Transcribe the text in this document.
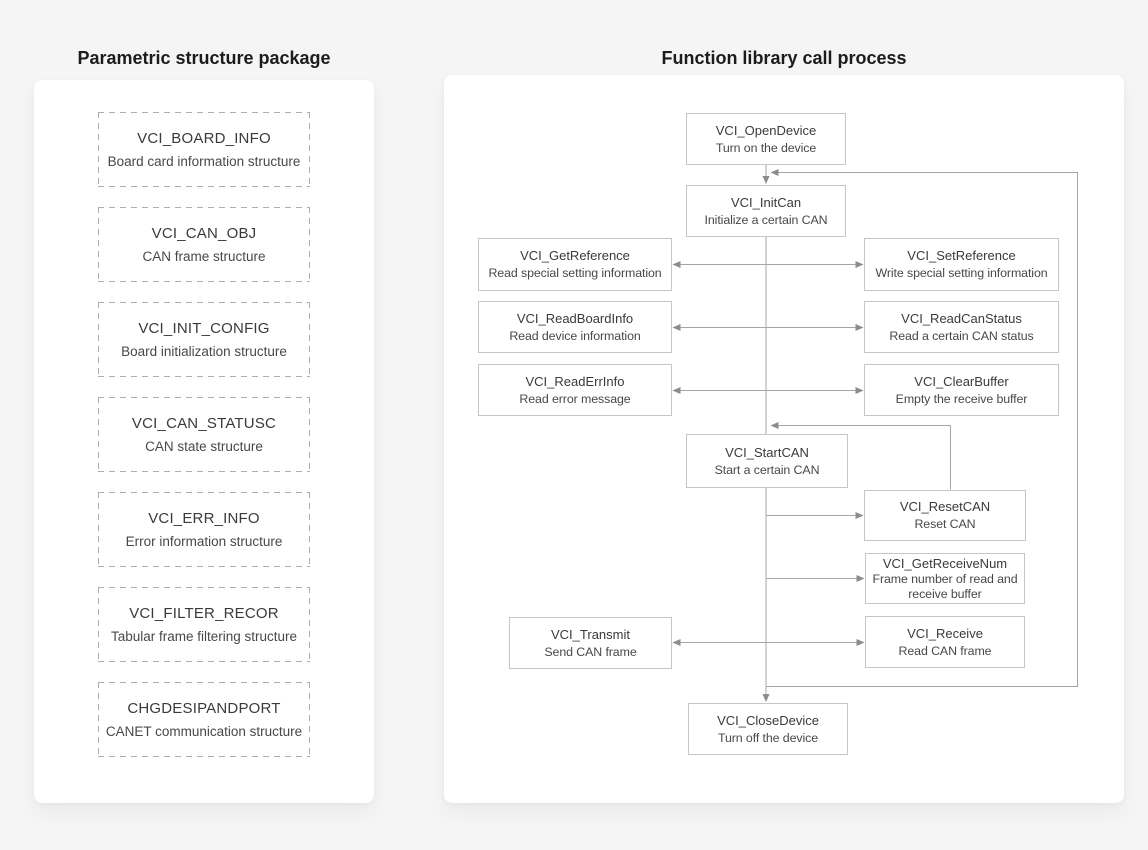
Parametric structure package	Function library call process
VCI_BOARD_INFO
Board card information structure
VCI_CAN_OBJ
CAN frame structure
VCI_INIT_CONFIG
Board initialization structure
VCI_CAN_STATUSC
CAN state structure
VCI_ERR_INFO
Error information structure
VCI_FILTER_RECOR
Tabular frame filtering structure
CHGDESIPANDPORT
CANET communication structure
VCI_OpenDevice
Turn on the device
VCI_InitCan
Initialize a certain CAN
VCI_GetReference
Read special setting information
VCI_SetReference
Write special setting information
VCI_ReadBoardInfo
Read device information
VCI_ReadCanStatus
Read a certain CAN status
VCI_ReadErrInfo
Read error message
VCI_ClearBuffer
Empty the receive buffer
VCI_StartCAN
Start a certain CAN
VCI_ResetCAN
Reset CAN
VCI_GetReceiveNum
Frame number of read and receive buffer
VCI_Transmit
Send CAN frame
VCI_Receive
Read CAN frame
VCI_CloseDevice
Turn off the device
